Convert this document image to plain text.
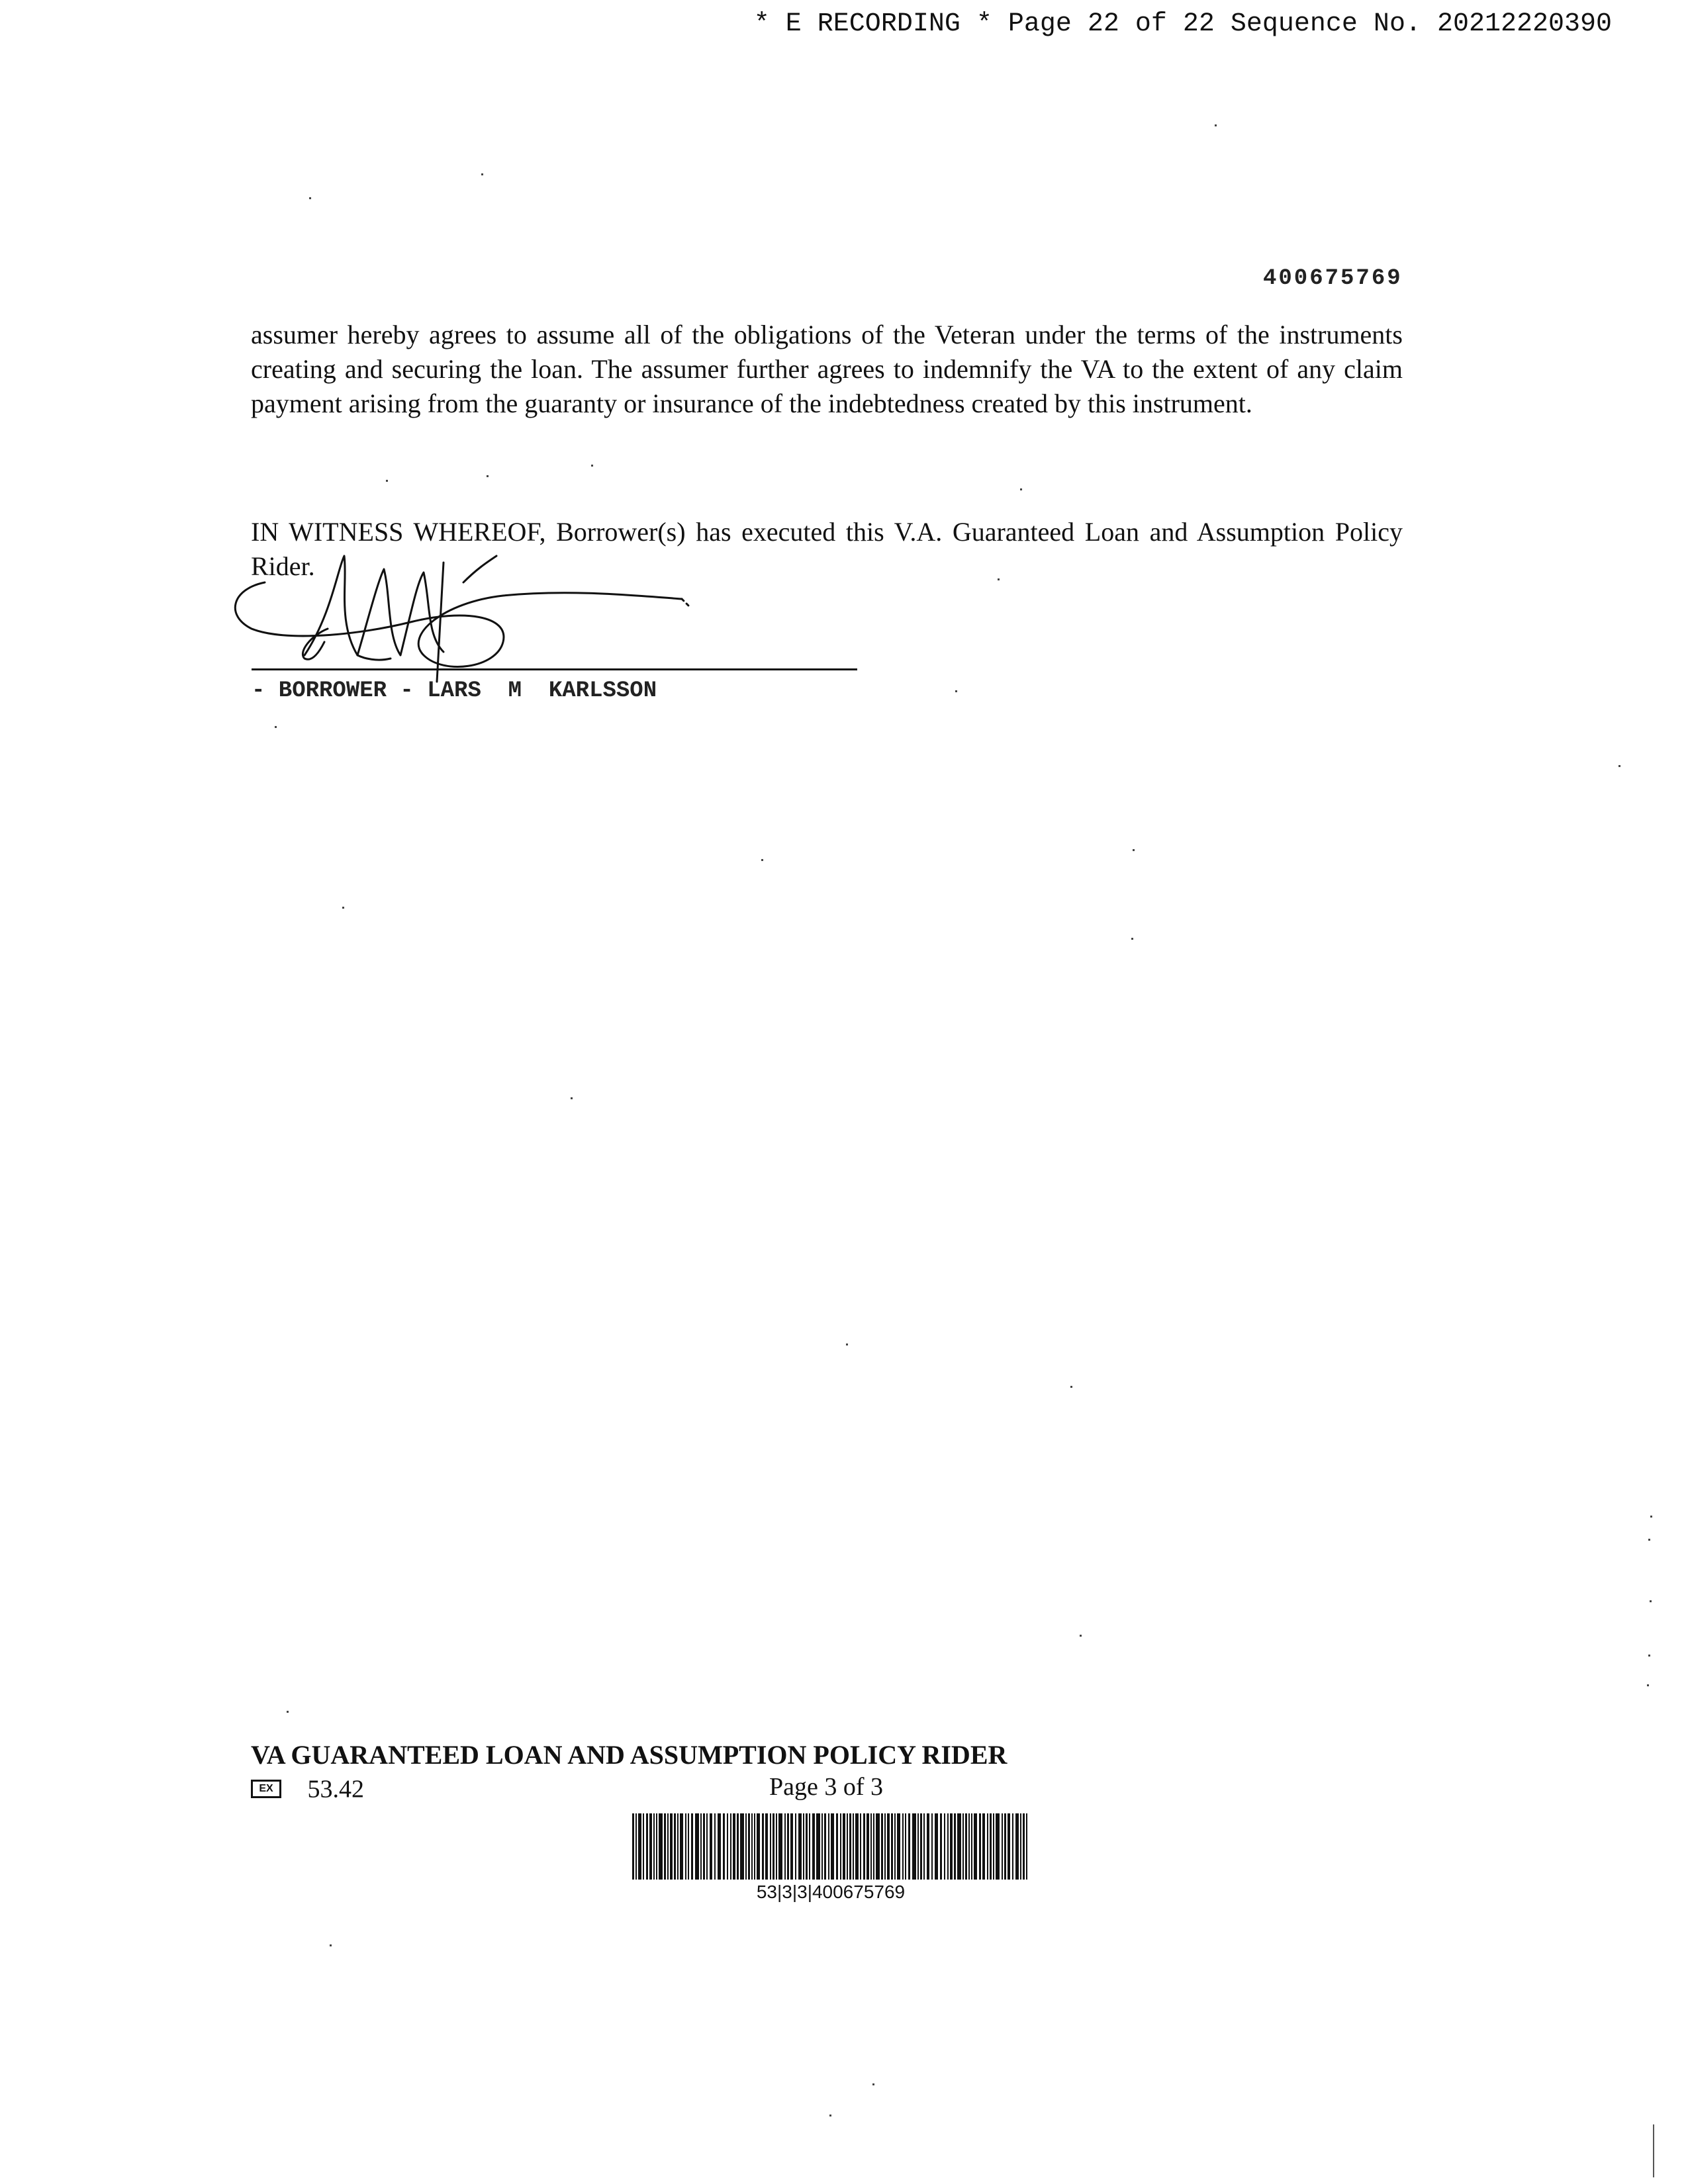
* E RECORDING * Page 22 of 22 Sequence No. 20212220390
400675769

assumer hereby agrees to assume all of the obligations of the Veteran under the terms of the instruments creating and securing the loan. The assumer further agrees to indemnify the VA to the extent of any claim payment arising from the guaranty or insurance of the indebtedness created by this instrument.

IN WITNESS WHEREOF, Borrower(s) has executed this V.A. Guaranteed Loan and Assumption Policy Rider.

- BORROWER - LARS  M  KARLSSON
VA GUARANTEED LOAN AND ASSUMPTION POLICY RIDER
EX 53.42	Page 3 of 3
53|3|3|400675769
